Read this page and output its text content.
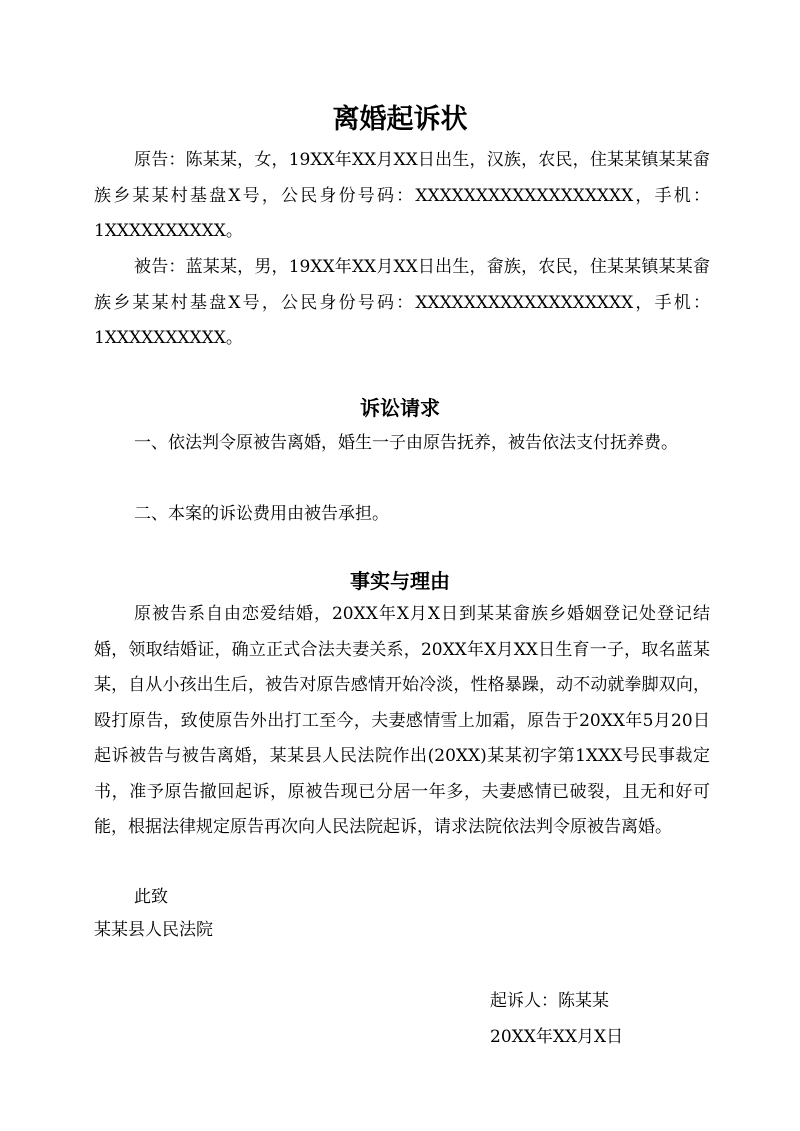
离婚起诉状

原告：陈某某，女，19XX年XX月XX日出生，汉族，农民，住某某镇某某畲族乡某某村基盘X号，公民身份号码：XXXXXXXXXXXXXXXXXX，手机：1XXXXXXXXXX。

被告：蓝某某，男，19XX年XX月XX日出生，畲族，农民，住某某镇某某畲族乡某某村基盘X号，公民身份号码：XXXXXXXXXXXXXXXXXX，手机：1XXXXXXXXXX。

诉讼请求

一、依法判令原被告离婚，婚生一子由原告抚养，被告依法支付抚养费。

二、本案的诉讼费用由被告承担。

事实与理由

原被告系自由恋爱结婚，20XX年X月X日到某某畲族乡婚姻登记处登记结婚，领取结婚证，确立正式合法夫妻关系，20XX年X月XX日生育一子，取名蓝某某，自从小孩出生后，被告对原告感情开始冷淡，性格暴躁，动不动就拳脚双向，殴打原告，致使原告外出打工至今，夫妻感情雪上加霜，原告于20XX年5月20日起诉被告与被告离婚，某某县人民法院作出(20XX)某某初字第1XXX号民事裁定书，准予原告撤回起诉，原被告现已分居一年多，夫妻感情已破裂，且无和好可能，根据法律规定原告再次向人民法院起诉，请求法院依法判令原被告离婚。

此致
某某县人民法院
起诉人：陈某某
20XX年XX月X日
